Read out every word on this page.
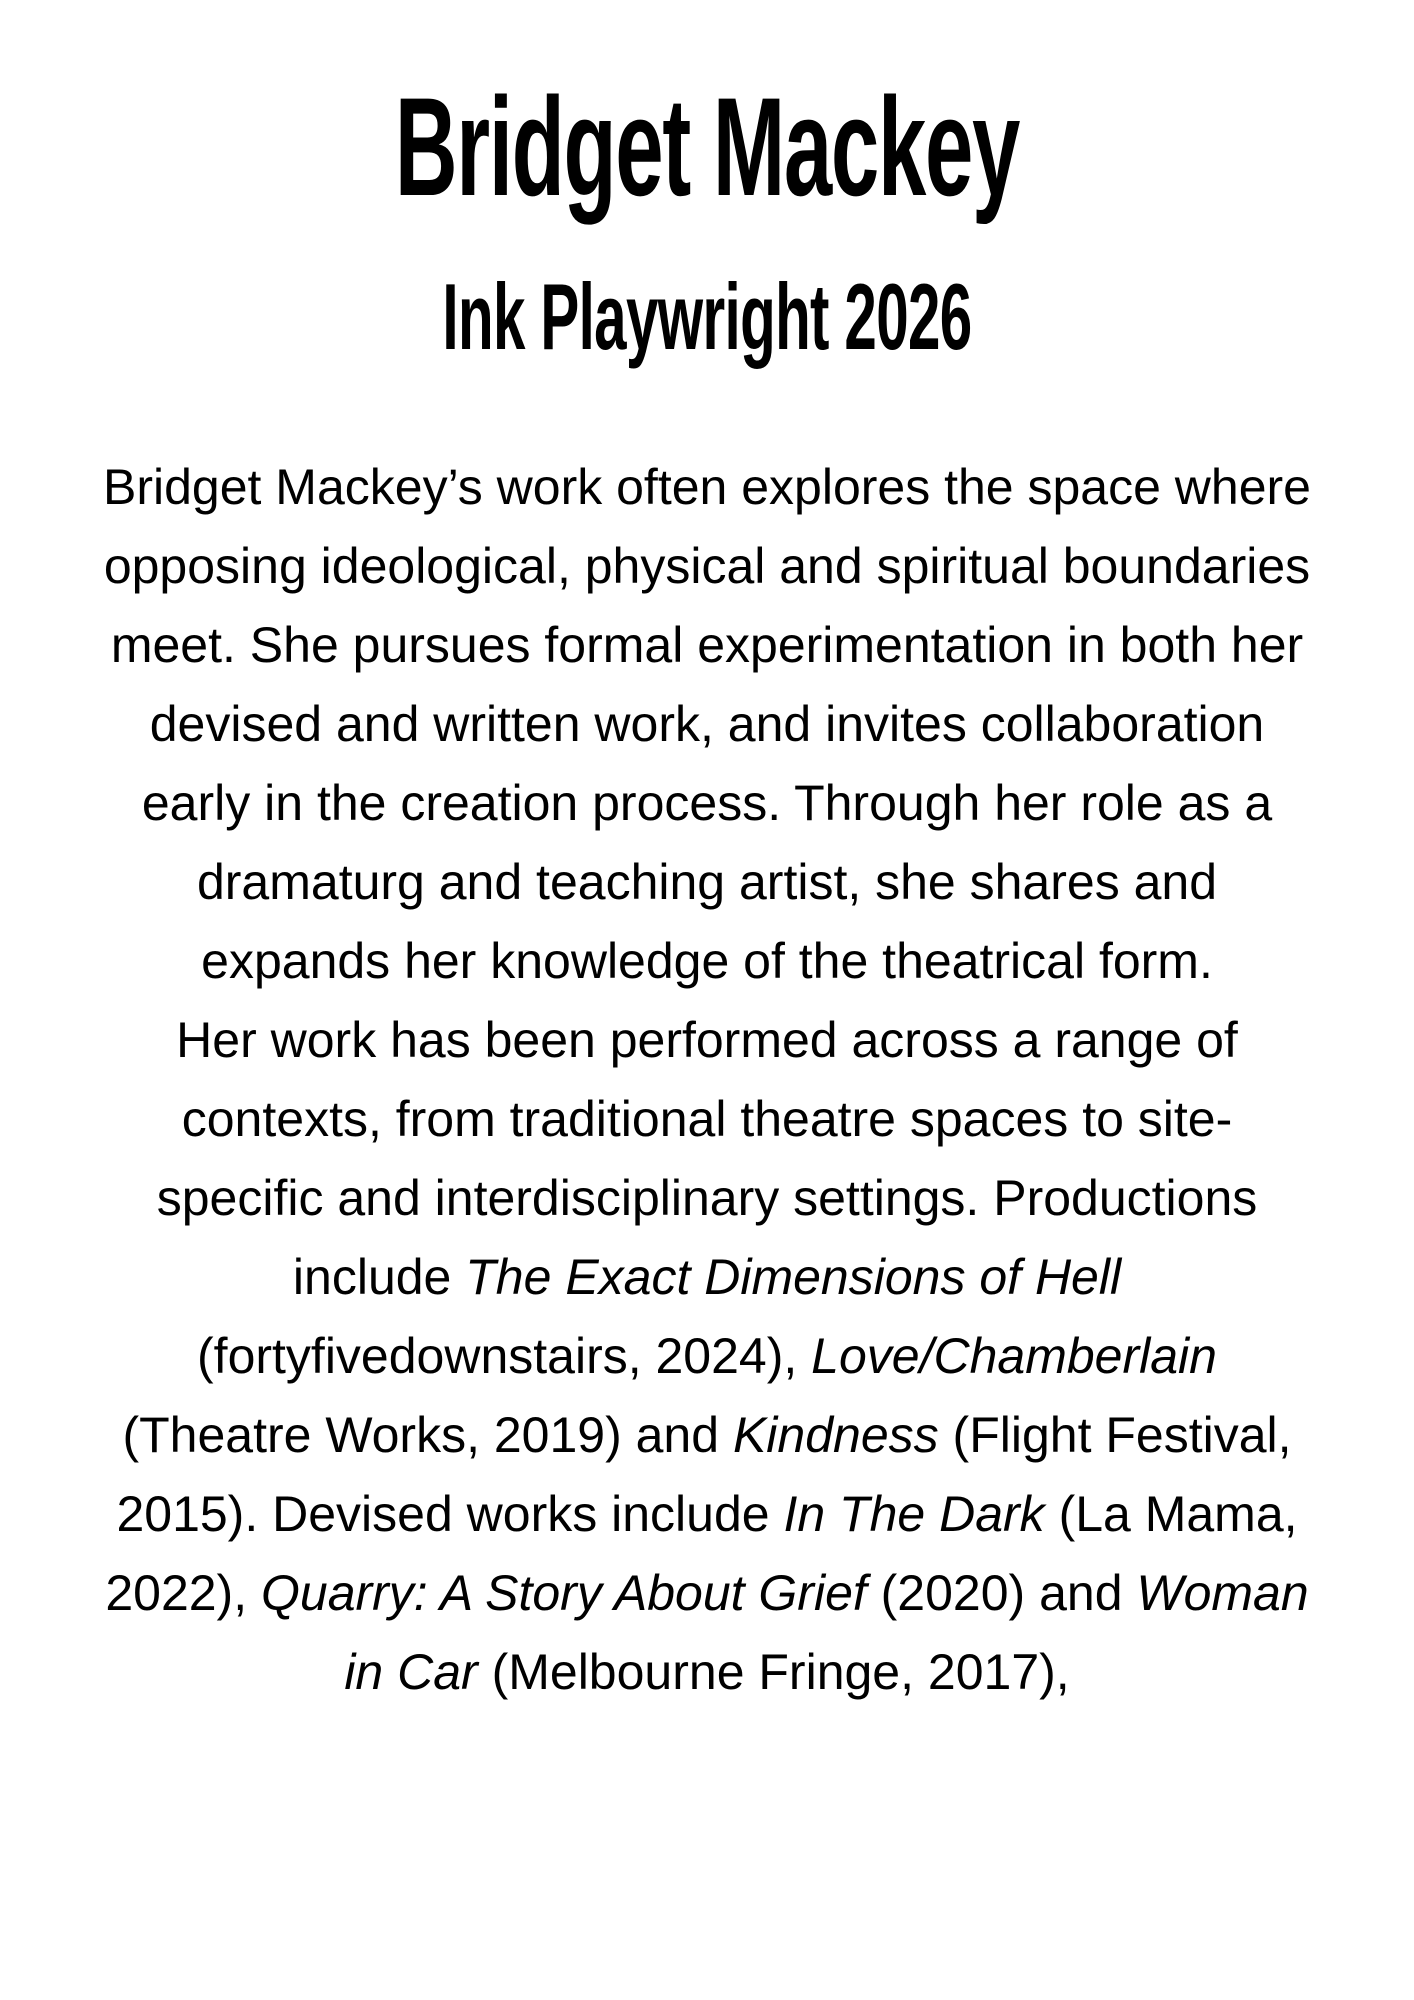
Bridget Mackey
Ink Playwright 2026

Bridget Mackey’s work often explores the space where opposing ideological, physical and spiritual boundaries meet. She pursues formal experimentation in both her devised and written work, and invites collaboration early in the creation process. Through her role as a dramaturg and teaching artist, she shares and expands her knowledge of the theatrical form.

Her work has been performed across a range of contexts, from traditional theatre spaces to site-specific and interdisciplinary settings. Productions include The Exact Dimensions of Hell (fortyfivedownstairs, 2024), Love/Chamberlain (Theatre Works, 2019) and Kindness (Flight Festival, 2015). Devised works include In The Dark (La Mama, 2022), Quarry: A Story About Grief (2020) and Woman in Car (Melbourne Fringe, 2017),
